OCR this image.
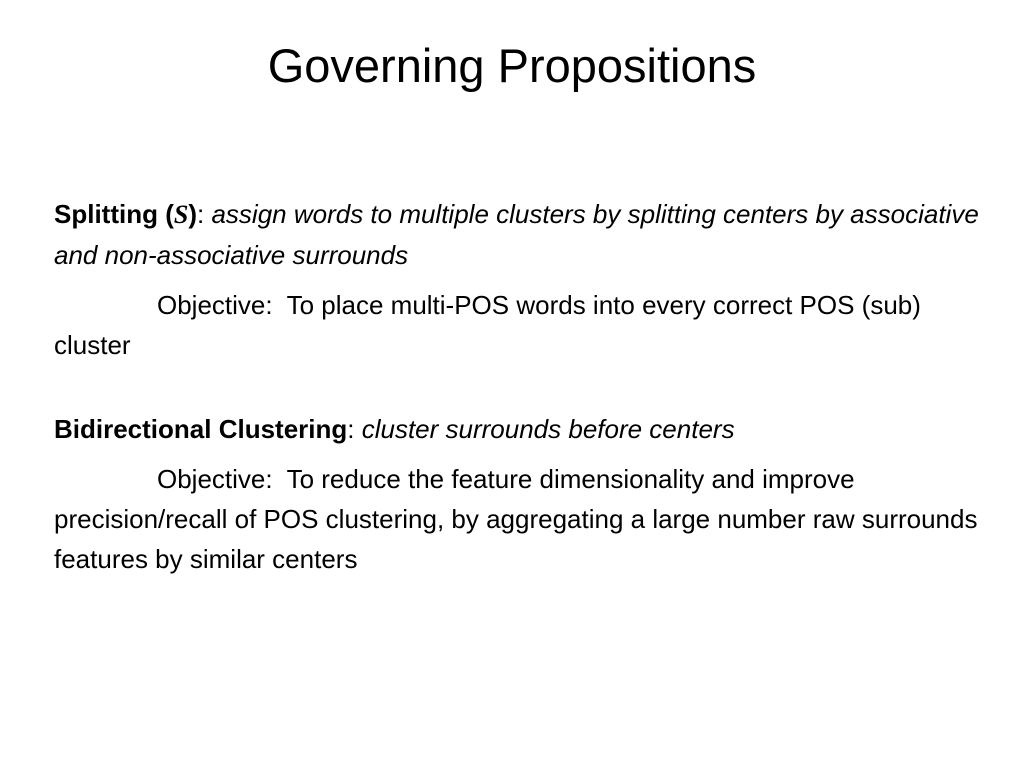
Governing Propositions

Splitting (S): assign words to multiple clusters by splitting centers by associative and non-associative surrounds

Objective: To place multi-POS words into every correct POS (sub) cluster

Bidirectional Clustering: cluster surrounds before centers

Objective: To reduce the feature dimensionality and improve precision/recall of POS clustering, by aggregating a large number raw surrounds features by similar centers
